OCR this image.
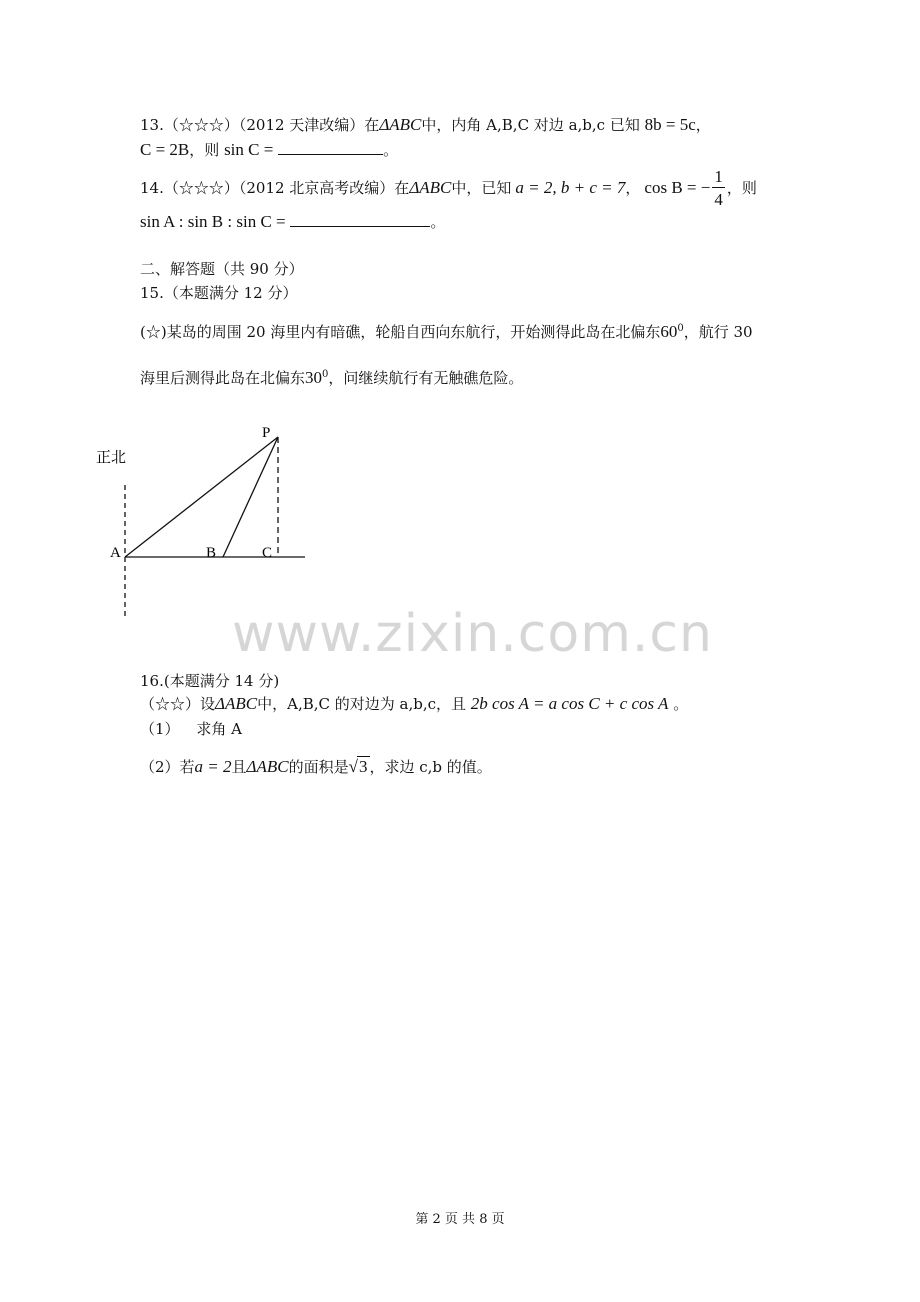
13.（☆☆☆）（2012 天津改编）在ΔABC中，内角 A,B,C 对边 a,b,c 已知 8b = 5c，
C = 2B，则 sin C =	。
14.（☆☆☆）（2012 北京高考改编）在 ΔABC 中，已知 a = 2, b + c = 7 ， cos B = − $\frac{1}{4}$ ，则
sin A : sin B : sin C =	。
二、解答题（共 90 分）
15.（本题满分 12 分）
(☆)某岛的周围 20 海里内有暗礁，轮船自西向东航行，开始测得此岛在北偏东$60^0$，航行 30
海里后测得此岛在北偏东$30^0$，问继续航行有无触礁危险。
正北
P
A	B	C
www.zixin.com.cn
16.(本题满分 14 分)
（☆☆）设ΔABC中，A,B,C 的对边为 a,b,c，且 2b cos A = a cos C + c cos A 。
（1） 求角 A
（2）若a = 2且ΔABC的面积是√3 ，求边 c,b 的值。
第 2 页 共 8 页
